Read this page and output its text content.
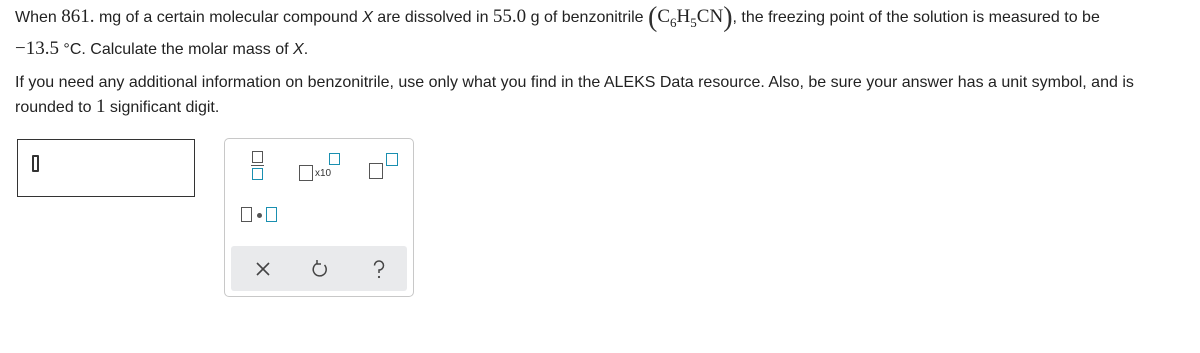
When 861. mg of a certain molecular compound X are dissolved in 55.0 g of benzonitrile $(C_6H_5CN)$, the freezing point of the solution is measured to be
−13.5 °C. Calculate the molar mass of X.
If you need any additional information on benzonitrile, use only what you find in the ALEKS Data resource. Also, be sure your answer has a unit symbol, and is
rounded to 1 significant digit.
x10
